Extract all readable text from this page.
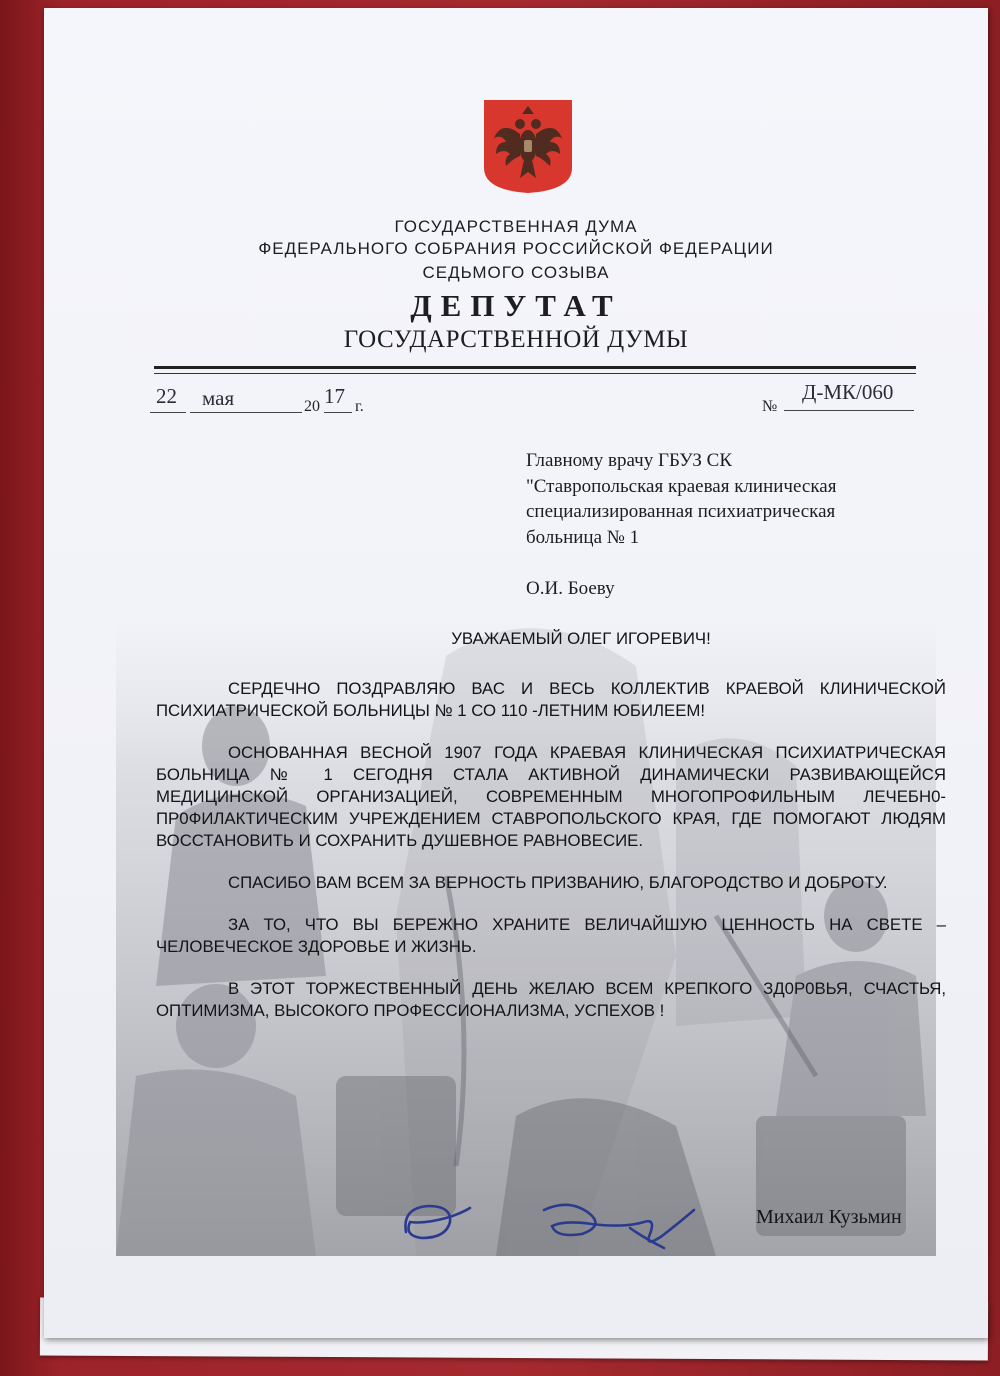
ГОСУДАРСТВЕННАЯ ДУМА
ФЕДЕРАЛЬНОГО СОБРАНИЯ РОССИЙСКОЙ ФЕДЕРАЦИИ
СЕДЬМОГО СОЗЫВА
ДЕПУТАТ
ГОСУДАРСТВЕННОЙ ДУМЫ
22 мая	20 17 г.	№
Д-МК/060
Главному врачу ГБУЗ СК
"Ставропольская краевая клиническая
специализированная психиатрическая
больница № 1
О.И. Боеву
УВАЖАЕМЫЙ ОЛЕГ ИГОРЕВИЧ!

СЕРДЕЧНО ПОЗДРАВЛЯЮ ВАС И ВЕСЬ КОЛЛЕКТИВ КРАЕВОЙ КЛИНИЧЕСКОЙ ПСИХИАТРИЧЕСКОЙ БОЛЬНИЦЫ № 1 СО 110 -ЛЕТНИМ ЮБИЛЕЕМ!

ОСНОВАННАЯ ВЕСНОЙ 1907 ГОДА КРАЕВАЯ КЛИНИЧЕСКАЯ ПСИХИАТРИЧЕСКАЯ БОЛЬНИЦА № 1 СЕГОДНЯ СТАЛА АКТИВНОЙ ДИНАМИЧЕСКИ РАЗВИВАЮЩЕЙСЯ МЕДИЦИНСКОЙ ОРГАНИЗАЦИЕЙ, СОВРЕМЕННЫМ МНОГОПРОФИЛЬНЫМ ЛЕЧЕБН0-ПР0ФИЛАКТИЧЕСКИМ УЧРЕЖДЕНИЕМ СТАВРОПОЛЬСКОГО КРАЯ, ГДЕ ПОМОГАЮТ ЛЮДЯМ ВОССТАНОВИТЬ И СОХРАНИТЬ ДУШЕВНОЕ РАВНОВЕСИЕ.

СПАСИБО ВАМ ВСЕМ ЗА ВЕРНОСТЬ ПРИЗВАНИЮ, БЛАГОРОДСТВО И ДОБРОТУ.

ЗА ТО, ЧТО ВЫ БЕРЕЖНО ХРАНИТЕ ВЕЛИЧАЙШУЮ ЦЕННОСТЬ НА СВЕТЕ – ЧЕЛОВЕЧЕСКОЕ ЗДОРОВЬЕ И ЖИЗНЬ.

В ЭТОТ ТОРЖЕСТВЕННЫЙ ДЕНЬ ЖЕЛАЮ ВСЕМ КРЕПКОГО ЗД0Р0ВЬЯ, СЧАСТЬЯ, ОПТИМИЗМА, ВЫСОКОГО ПРОФЕССИОНАЛИЗМА, УСПЕХОВ !

Михаил Кузьмин
